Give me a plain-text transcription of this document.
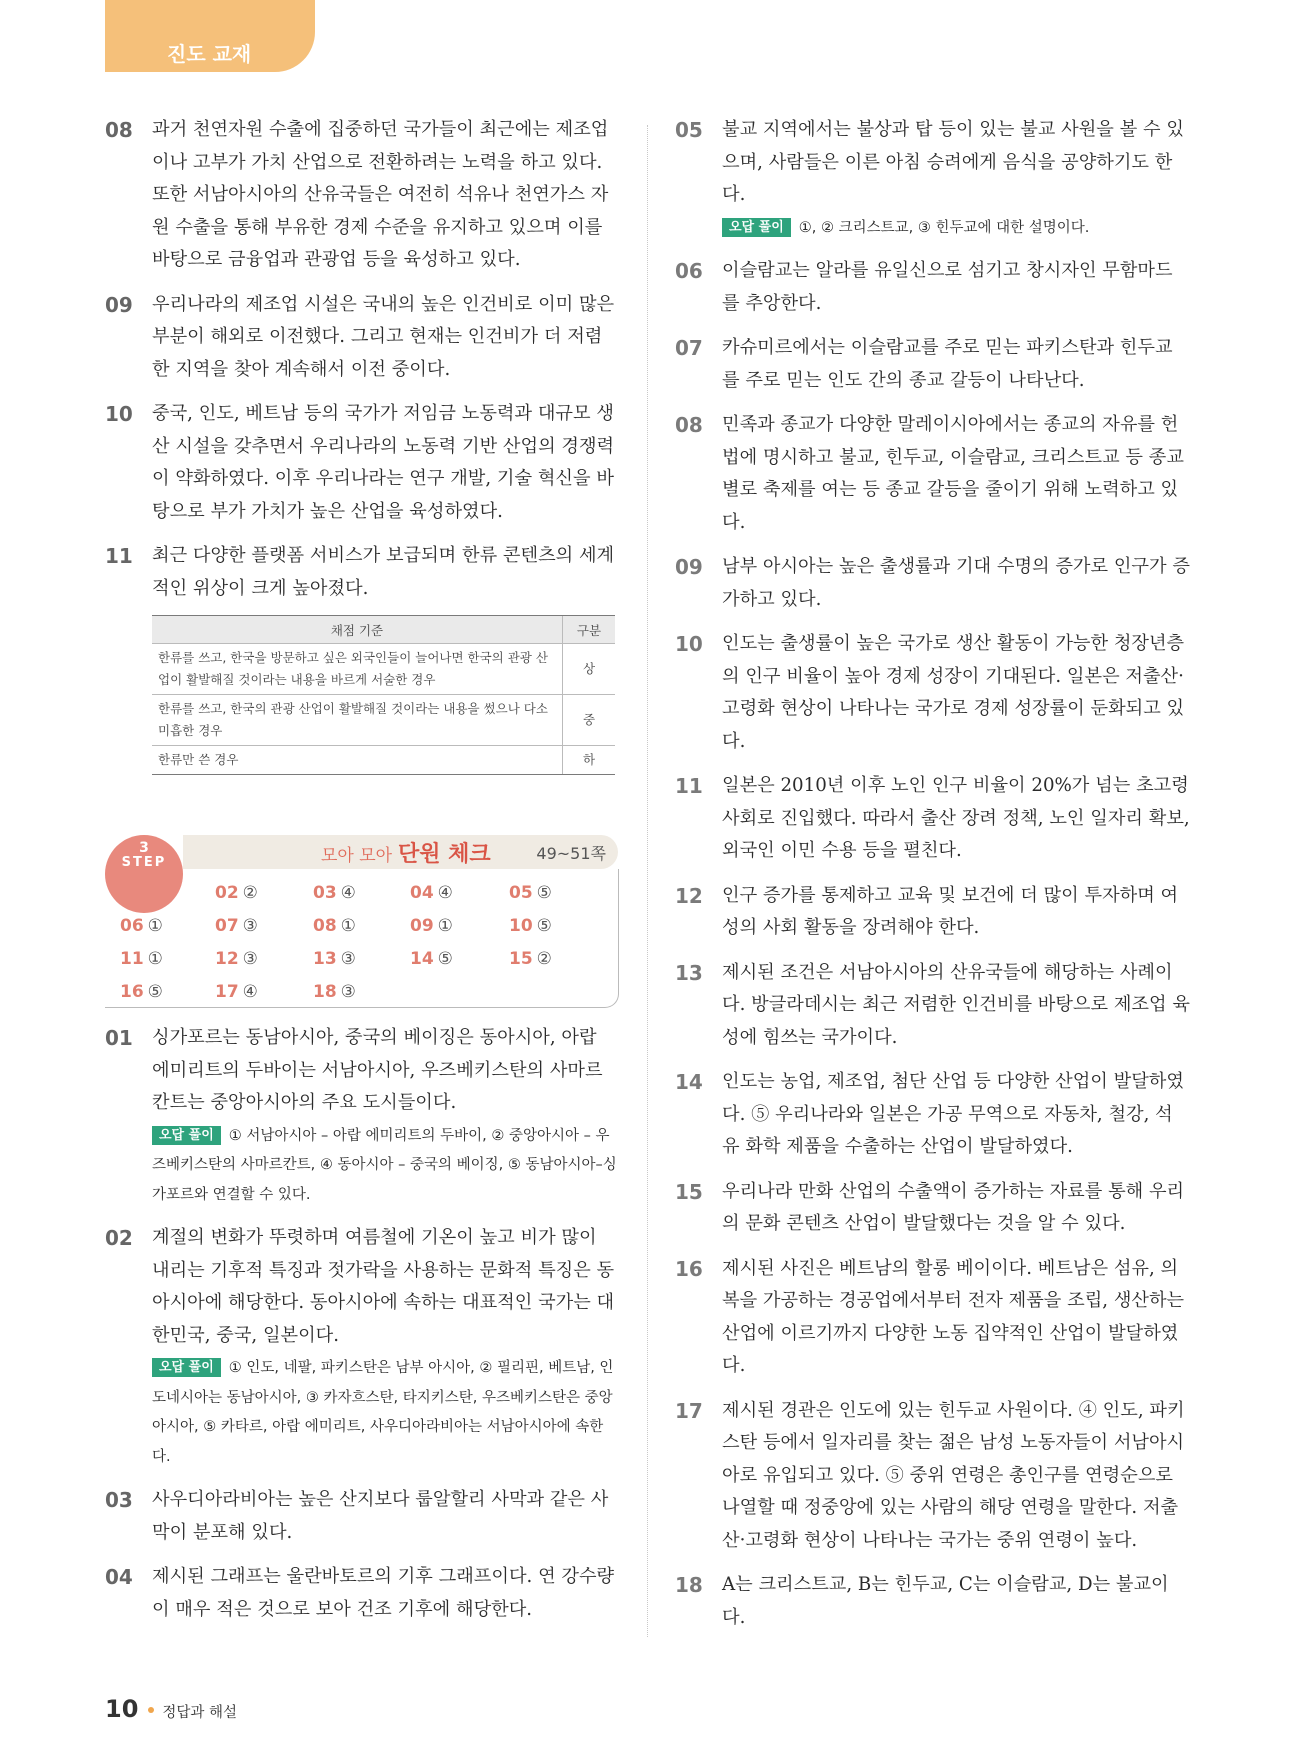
진도 교재
08 과거 천연자원 수출에 집중하던 국가들이 최근에는 제조업이나 고부가 가치 산업으로 전환하려는 노력을 하고 있다. 또한 서남아시아의 산유국들은 여전히 석유나 천연가스 자원 수출을 통해 부유한 경제 수준을 유지하고 있으며 이를 바탕으로 금융업과 관광업 등을 육성하고 있다.
09 우리나라의 제조업 시설은 국내의 높은 인건비로 이미 많은 부분이 해외로 이전했다. 그리고 현재는 인건비가 더 저렴한 지역을 찾아 계속해서 이전 중이다.
10 중국, 인도, 베트남 등의 국가가 저임금 노동력과 대규모 생산 시설을 갖추면서 우리나라의 노동력 기반 산업의 경쟁력이 약화하였다. 이후 우리나라는 연구 개발, 기술 혁신을 바탕으로 부가 가치가 높은 산업을 육성하였다.
11 최근 다양한 플랫폼 서비스가 보급되며 한류 콘텐츠의 세계적인 위상이 크게 높아졌다.
채점 기준	구분
한류를 쓰고, 한국을 방문하고 싶은 외국인들이 늘어나면 한국의 관광 산업이 활발해질 것이라는 내용을 바르게 서술한 경우	상
한류를 쓰고, 한국의 관광 산업이 활발해질 것이라는 내용을 썼으나 다소 미흡한 경우	중
한류만 쓴 경우	하
02 ②	03 ④	04 ④	05 ⑤
06 ①	07 ③	08 ①	09 ①	10 ⑤
11 ①	12 ③	13 ③	14 ⑤	15 ②
16 ⑤	17 ④	18 ③
모아 모아 단원 체크	49~51쪽
3
STEP
01 싱가포르는 동남아시아, 중국의 베이징은 동아시아, 아랍 에미리트의 두바이는 서남아시아, 우즈베키스탄의 사마르칸트는 중앙아시아의 주요 도시들이다.
오답 풀이 ① 서남아시아 – 아랍 에미리트의 두바이, ② 중앙아시아 – 우즈베키스탄의 사마르칸트, ④ 동아시아 – 중국의 베이징, ⑤ 동남아시아–싱가포르와 연결할 수 있다.
02 계절의 변화가 뚜렷하며 여름철에 기온이 높고 비가 많이 내리는 기후적 특징과 젓가락을 사용하는 문화적 특징은 동아시아에 해당한다. 동아시아에 속하는 대표적인 국가는 대한민국, 중국, 일본이다.
오답 풀이 ① 인도, 네팔, 파키스탄은 남부 아시아, ② 필리핀, 베트남, 인도네시아는 동남아시아, ③ 카자흐스탄, 타지키스탄, 우즈베키스탄은 중앙아시아, ⑤ 카타르, 아랍 에미리트, 사우디아라비아는 서남아시아에 속한다.
03 사우디아라비아는 높은 산지보다 룹알할리 사막과 같은 사막이 분포해 있다.
04 제시된 그래프는 울란바토르의 기후 그래프이다. 연 강수량이 매우 적은 것으로 보아 건조 기후에 해당한다.
05 불교 지역에서는 불상과 탑 등이 있는 불교 사원을 볼 수 있으며, 사람들은 이른 아침 승려에게 음식을 공양하기도 한다.
오답 풀이 ①, ② 크리스트교, ③ 힌두교에 대한 설명이다.
06 이슬람교는 알라를 유일신으로 섬기고 창시자인 무함마드를 추앙한다.
07 카슈미르에서는 이슬람교를 주로 믿는 파키스탄과 힌두교를 주로 믿는 인도 간의 종교 갈등이 나타난다.
08 민족과 종교가 다양한 말레이시아에서는 종교의 자유를 헌법에 명시하고 불교, 힌두교, 이슬람교, 크리스트교 등 종교별로 축제를 여는 등 종교 갈등을 줄이기 위해 노력하고 있다.
09 남부 아시아는 높은 출생률과 기대 수명의 증가로 인구가 증가하고 있다.
10 인도는 출생률이 높은 국가로 생산 활동이 가능한 청장년층의 인구 비율이 높아 경제 성장이 기대된다. 일본은 저출산·고령화 현상이 나타나는 국가로 경제 성장률이 둔화되고 있다.
11 일본은 2010년 이후 노인 인구 비율이 20%가 넘는 초고령 사회로 진입했다. 따라서 출산 장려 정책, 노인 일자리 확보, 외국인 이민 수용 등을 펼친다.
12 인구 증가를 통제하고 교육 및 보건에 더 많이 투자하며 여성의 사회 활동을 장려해야 한다.
13 제시된 조건은 서남아시아의 산유국들에 해당하는 사례이다. 방글라데시는 최근 저렴한 인건비를 바탕으로 제조업 육성에 힘쓰는 국가이다.
14 인도는 농업, 제조업, 첨단 산업 등 다양한 산업이 발달하였다. ⑤ 우리나라와 일본은 가공 무역으로 자동차, 철강, 석유 화학 제품을 수출하는 산업이 발달하였다.
15 우리나라 만화 산업의 수출액이 증가하는 자료를 통해 우리의 문화 콘텐츠 산업이 발달했다는 것을 알 수 있다.
16 제시된 사진은 베트남의 할롱 베이이다. 베트남은 섬유, 의복을 가공하는 경공업에서부터 전자 제품을 조립, 생산하는 산업에 이르기까지 다양한 노동 집약적인 산업이 발달하였다.
17 제시된 경관은 인도에 있는 힌두교 사원이다. ④ 인도, 파키스탄 등에서 일자리를 찾는 젊은 남성 노동자들이 서남아시아로 유입되고 있다. ⑤ 중위 연령은 총인구를 연령순으로 나열할 때 정중앙에 있는 사람의 해당 연령을 말한다. 저출산·고령화 현상이 나타나는 국가는 중위 연령이 높다.
18 A는 크리스트교, B는 힌두교, C는 이슬람교, D는 불교이다.
10 정답과 해설
